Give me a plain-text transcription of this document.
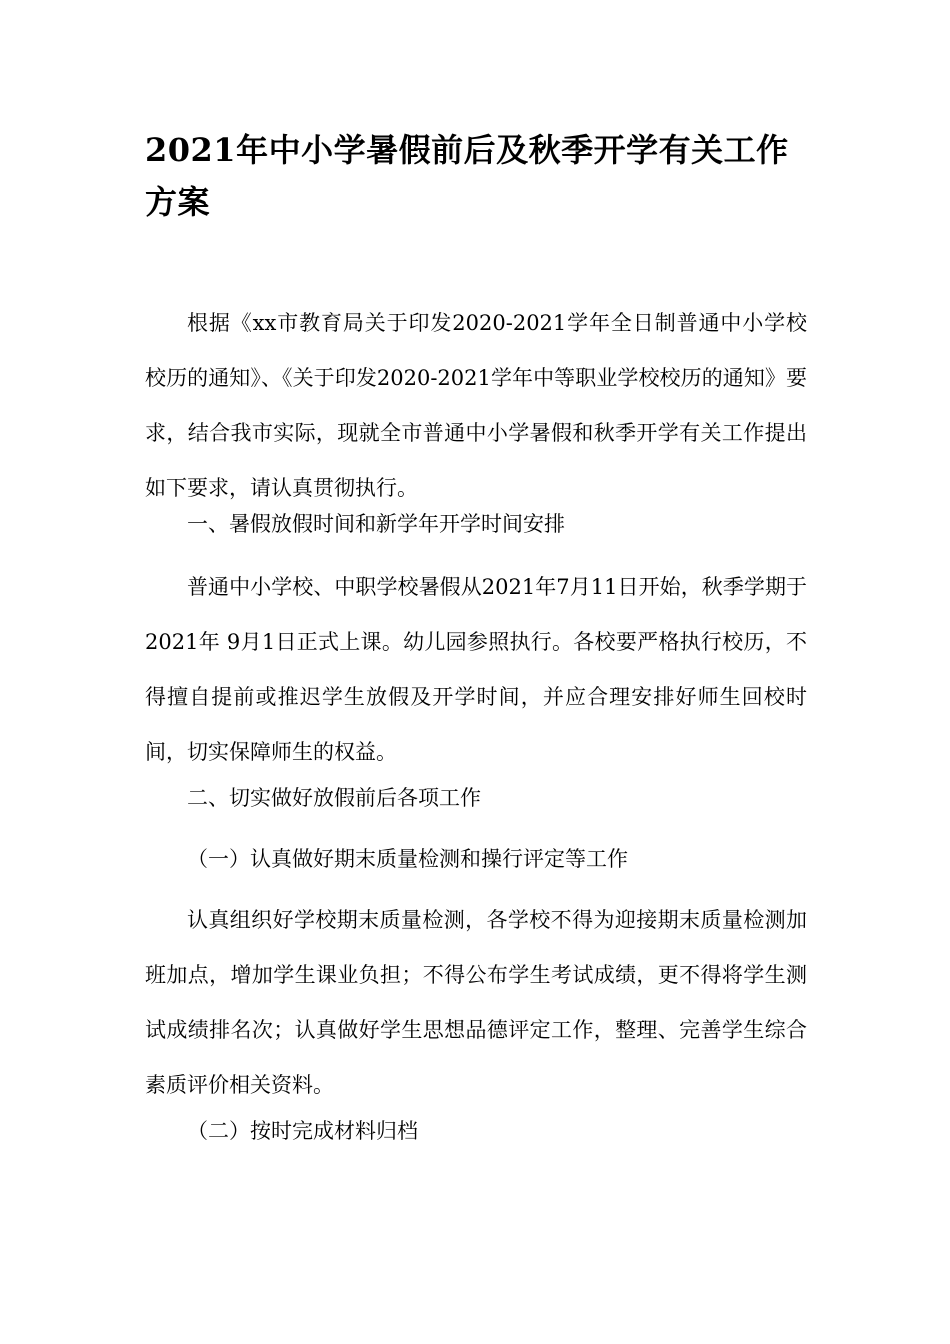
2021年中小学暑假前后及秋季开学有关工作方案

根据《xx市教育局关于印发2020-2021学年全日制普通中小学校校历的通知》、《关于印发2020-2021学年中等职业学校校历的通知》要求，结合我市实际，现就全市普通中小学暑假和秋季开学有关工作提出如下要求，请认真贯彻执行。

一、暑假放假时间和新学年开学时间安排

普通中小学校、中职学校暑假从2021年7月11日开始，秋季学期于2021年 9月1日正式上课。幼儿园参照执行。各校要严格执行校历，不得擅自提前或推迟学生放假及开学时间，并应合理安排好师生回校时间，切实保障师生的权益。

二、切实做好放假前后各项工作

（一）认真做好期末质量检测和操行评定等工作

认真组织好学校期末质量检测，各学校不得为迎接期末质量检测加班加点，增加学生课业负担；不得公布学生考试成绩，更不得将学生测试成绩排名次；认真做好学生思想品德评定工作，整理、完善学生综合素质评价相关资料。

（二）按时完成材料归档
